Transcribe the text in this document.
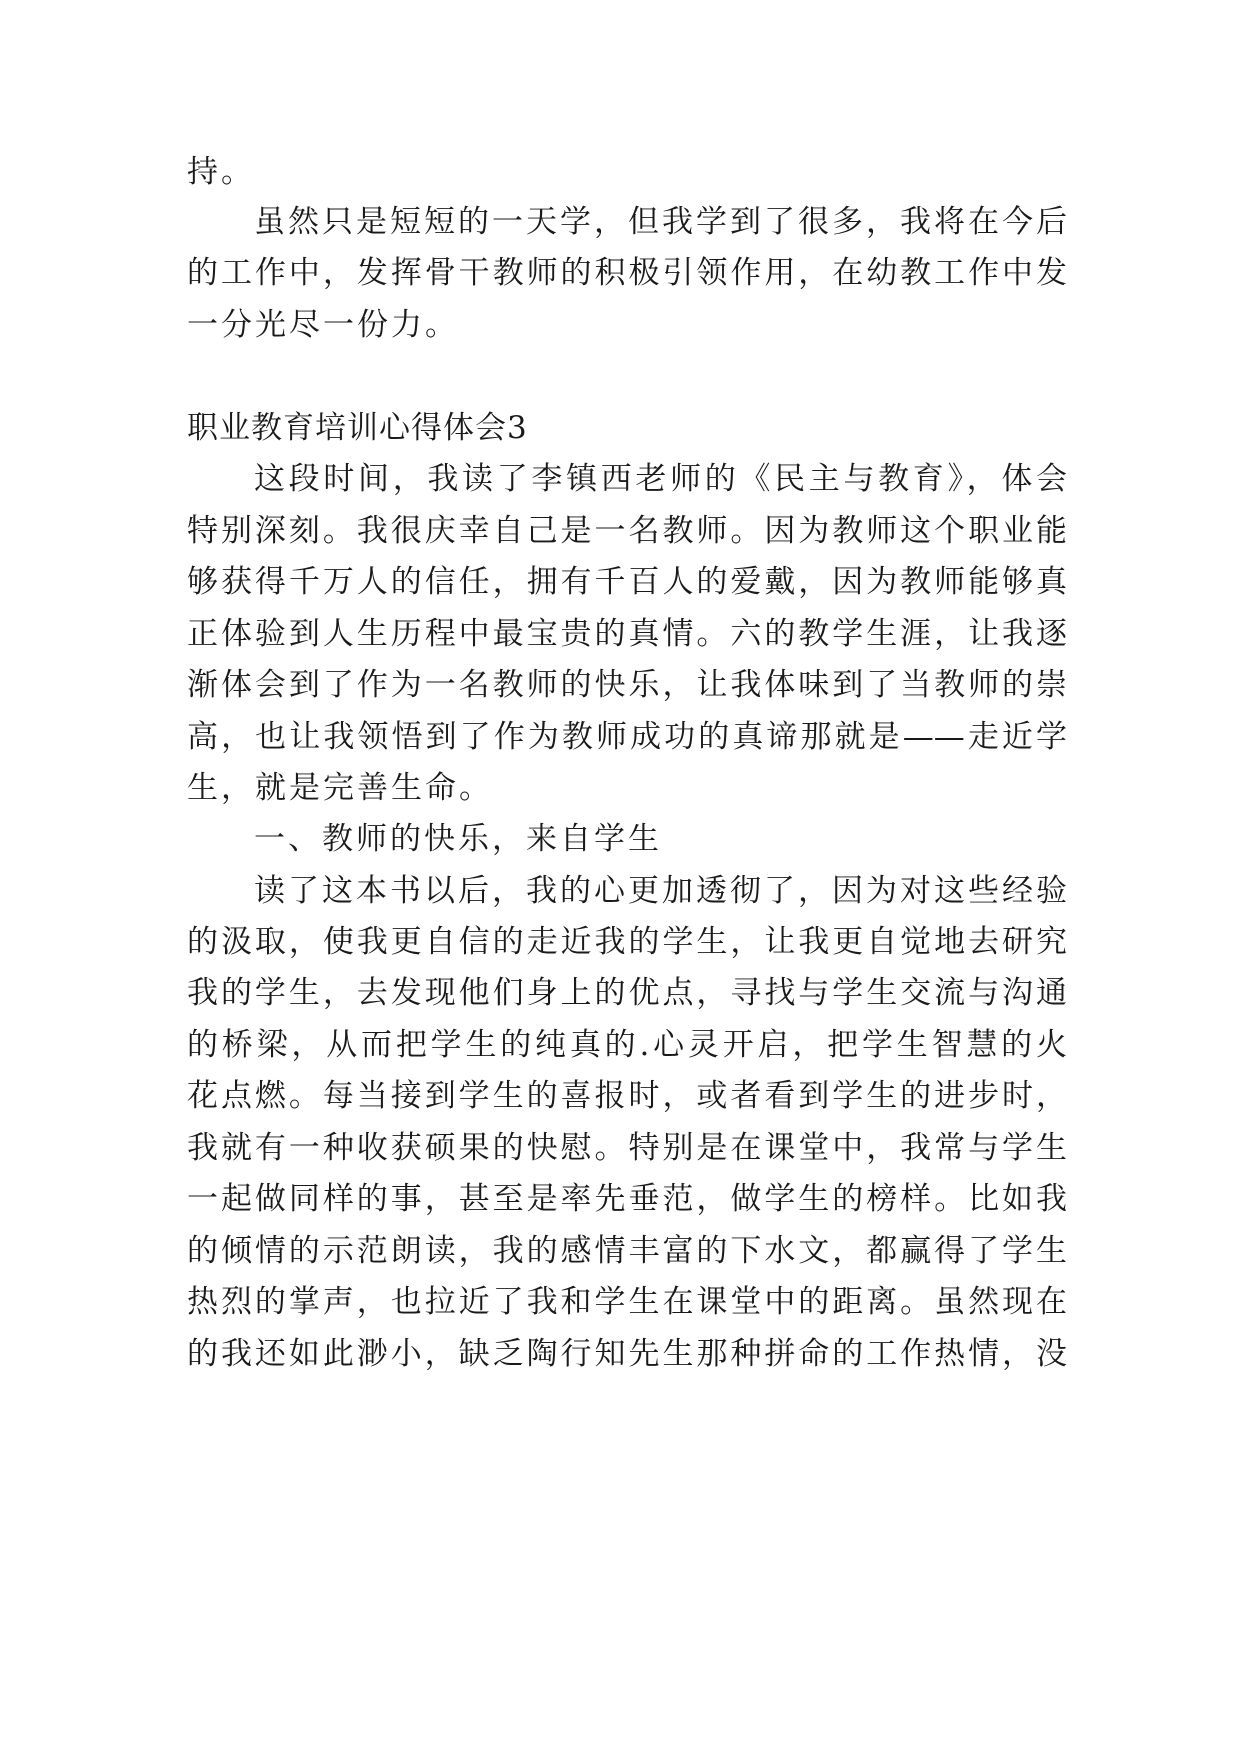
持。
虽然只是短短的一天学，但我学到了很多，我将在今后
的工作中，发挥骨干教师的积极引领作用，在幼教工作中发
一分光尽一份力。
职业教育培训心得体会3
这段时间，我读了李镇西老师的《民主与教育》，体会
特别深刻。我很庆幸自己是一名教师。因为教师这个职业能
够获得千万人的信任，拥有千百人的爱戴，因为教师能够真
正体验到人生历程中最宝贵的真情。六的教学生涯，让我逐
渐体会到了作为一名教师的快乐，让我体味到了当教师的崇
高，也让我领悟到了作为教师成功的真谛那就是——走近学
生，就是完善生命。
一、教师的快乐，来自学生
读了这本书以后，我的心更加透彻了，因为对这些经验
的汲取，使我更自信的走近我的学生，让我更自觉地去研究
我的学生，去发现他们身上的优点，寻找与学生交流与沟通
的桥梁，从而把学生的纯真的.心灵开启，把学生智慧的火
花点燃。每当接到学生的喜报时，或者看到学生的进步时，
我就有一种收获硕果的快慰。特别是在课堂中，我常与学生
一起做同样的事，甚至是率先垂范，做学生的榜样。比如我
的倾情的示范朗读，我的感情丰富的下水文，都赢得了学生
热烈的掌声，也拉近了我和学生在课堂中的距离。虽然现在
的我还如此渺小，缺乏陶行知先生那种拼命的工作热情，没
